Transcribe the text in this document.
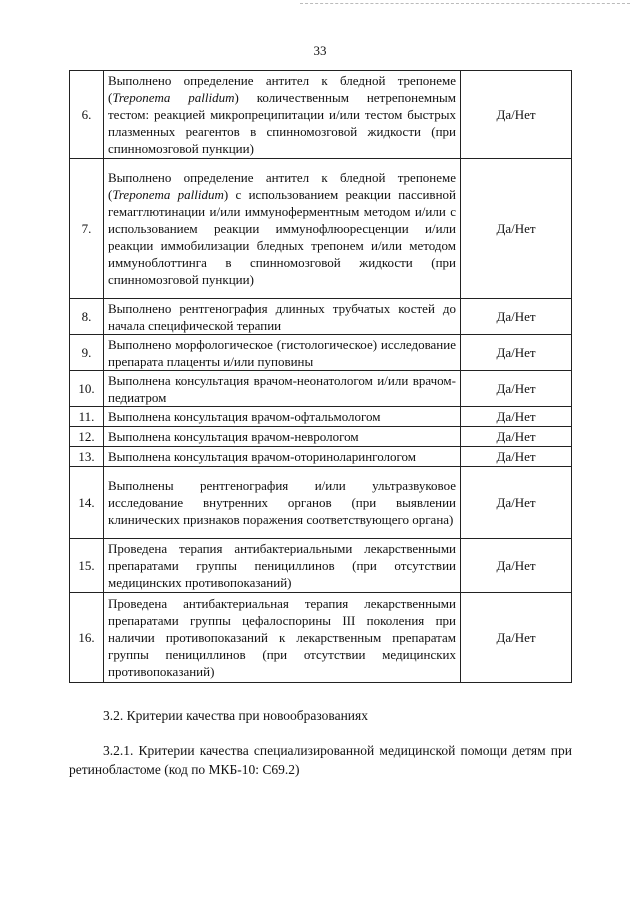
33
6.	Выполнено определение антител к бледной трепонеме (Treponema pallidum) количественным нетрепонемным тестом: реакцией микропреципитации и/или тестом быстрых плазменных реагентов в спинномозговой жидкости (при спинномозговой пункции)	Да/Нет
7.	Выполнено определение антител к бледной трепонеме (Treponema pallidum) с использованием реакции пассивной гемагглютинации и/или иммуноферментным методом и/или с использованием реакции иммунофлюоресценции и/или реакции иммобилизации бледных трепонем и/или методом иммуноблоттинга в спинномозговой жидкости (при спинномозговой пункции)	Да/Нет
8.	Выполнено рентгенография длинных трубчатых костей до начала специфической терапии	Да/Нет
9.	Выполнено морфологическое (гистологическое) исследование препарата плаценты и/или пуповины	Да/Нет
10.	Выполнена консультация врачом-неонатологом и/или врачом-педиатром	Да/Нет
11.	Выполнена консультация врачом-офтальмологом	Да/Нет
12.	Выполнена консультация врачом-неврологом	Да/Нет
13.	Выполнена консультация врачом-оториноларингологом	Да/Нет
14.	Выполнены рентгенография и/или ультразвуковое исследование внутренних органов (при выявлении клинических признаков поражения соответствующего органа)	Да/Нет
15.	Проведена терапия антибактериальными лекарственными препаратами группы пенициллинов (при отсутствии медицинских противопоказаний)	Да/Нет
16.	Проведена антибактериальная терапия лекарственными препаратами группы цефалоспорины III поколения при наличии противопоказаний к лекарственным препаратам группы пенициллинов (при отсутствии медицинских противопоказаний)	Да/Нет
3.2. Критерии качества при новообразованиях
3.2.1. Критерии качества специализированной медицинской помощи детям при ретинобластоме (код по МКБ-10: C69.2)
